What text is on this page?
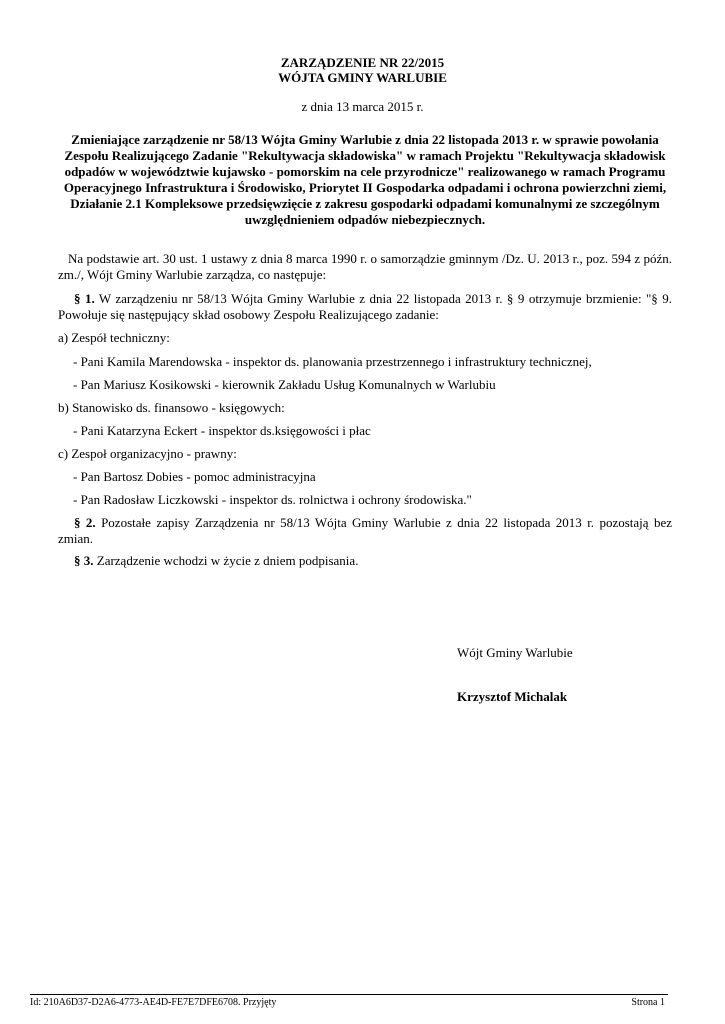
ZARZĄDZENIE NR 22/2015
WÓJTA GMINY WARLUBIE
z dnia 13 marca 2015 r.
Zmieniające zarządzenie nr 58/13 Wójta Gminy Warlubie z dnia 22 listopada 2013 r. w sprawie powołania
Zespołu Realizującego Zadanie "Rekultywacja składowiska" w ramach Projektu "Rekultywacja składowisk
odpadów w województwie kujawsko - pomorskim na cele przyrodnicze" realizowanego w ramach Programu
Operacyjnego Infrastruktura i Środowisko, Priorytet II Gospodarka odpadami i ochrona powierzchni ziemi,
Działanie 2.1 Kompleksowe przedsięwzięcie z zakresu gospodarki odpadami komunalnymi ze szczególnym
uwzględnieniem odpadów niebezpiecznych.
Na podstawie art. 30 ust. 1 ustawy z dnia 8 marca 1990 r. o samorządzie gminnym /Dz. U. 2013 r., poz. 594 z późn. zm./, Wójt Gminy Warlubie zarządza, co następuje:
§ 1. W zarządzeniu nr 58/13 Wójta Gminy Warlubie z dnia 22 listopada 2013 r. § 9 otrzymuje brzmienie: "§ 9. Powołuje się następujący skład osobowy Zespołu Realizującego zadanie:
a) Zespół techniczny:
- Pani Kamila Marendowska - inspektor ds. planowania przestrzennego i infrastruktury technicznej,
- Pan Mariusz Kosikowski - kierownik Zakładu Usług Komunalnych w Warlubiu
b) Stanowisko ds. finansowo - księgowych:
- Pani Katarzyna Eckert - inspektor ds.księgowości i płac
c) Zespoł organizacyjno - prawny:
- Pan Bartosz Dobies - pomoc administracyjna
- Pan Radosław Liczkowski - inspektor ds. rolnictwa i ochrony środowiska."
§ 2. Pozostałe zapisy Zarządzenia nr 58/13 Wójta Gminy Warlubie z dnia 22 listopada 2013 r. pozostają bez zmian.
§ 3. Zarządzenie wchodzi w życie z dniem podpisania.
Wójt Gminy Warlubie
Krzysztof Michalak
Id: 210A6D37-D2A6-4773-AE4D-FE7E7DFE6708. Przyjęty	Strona 1
